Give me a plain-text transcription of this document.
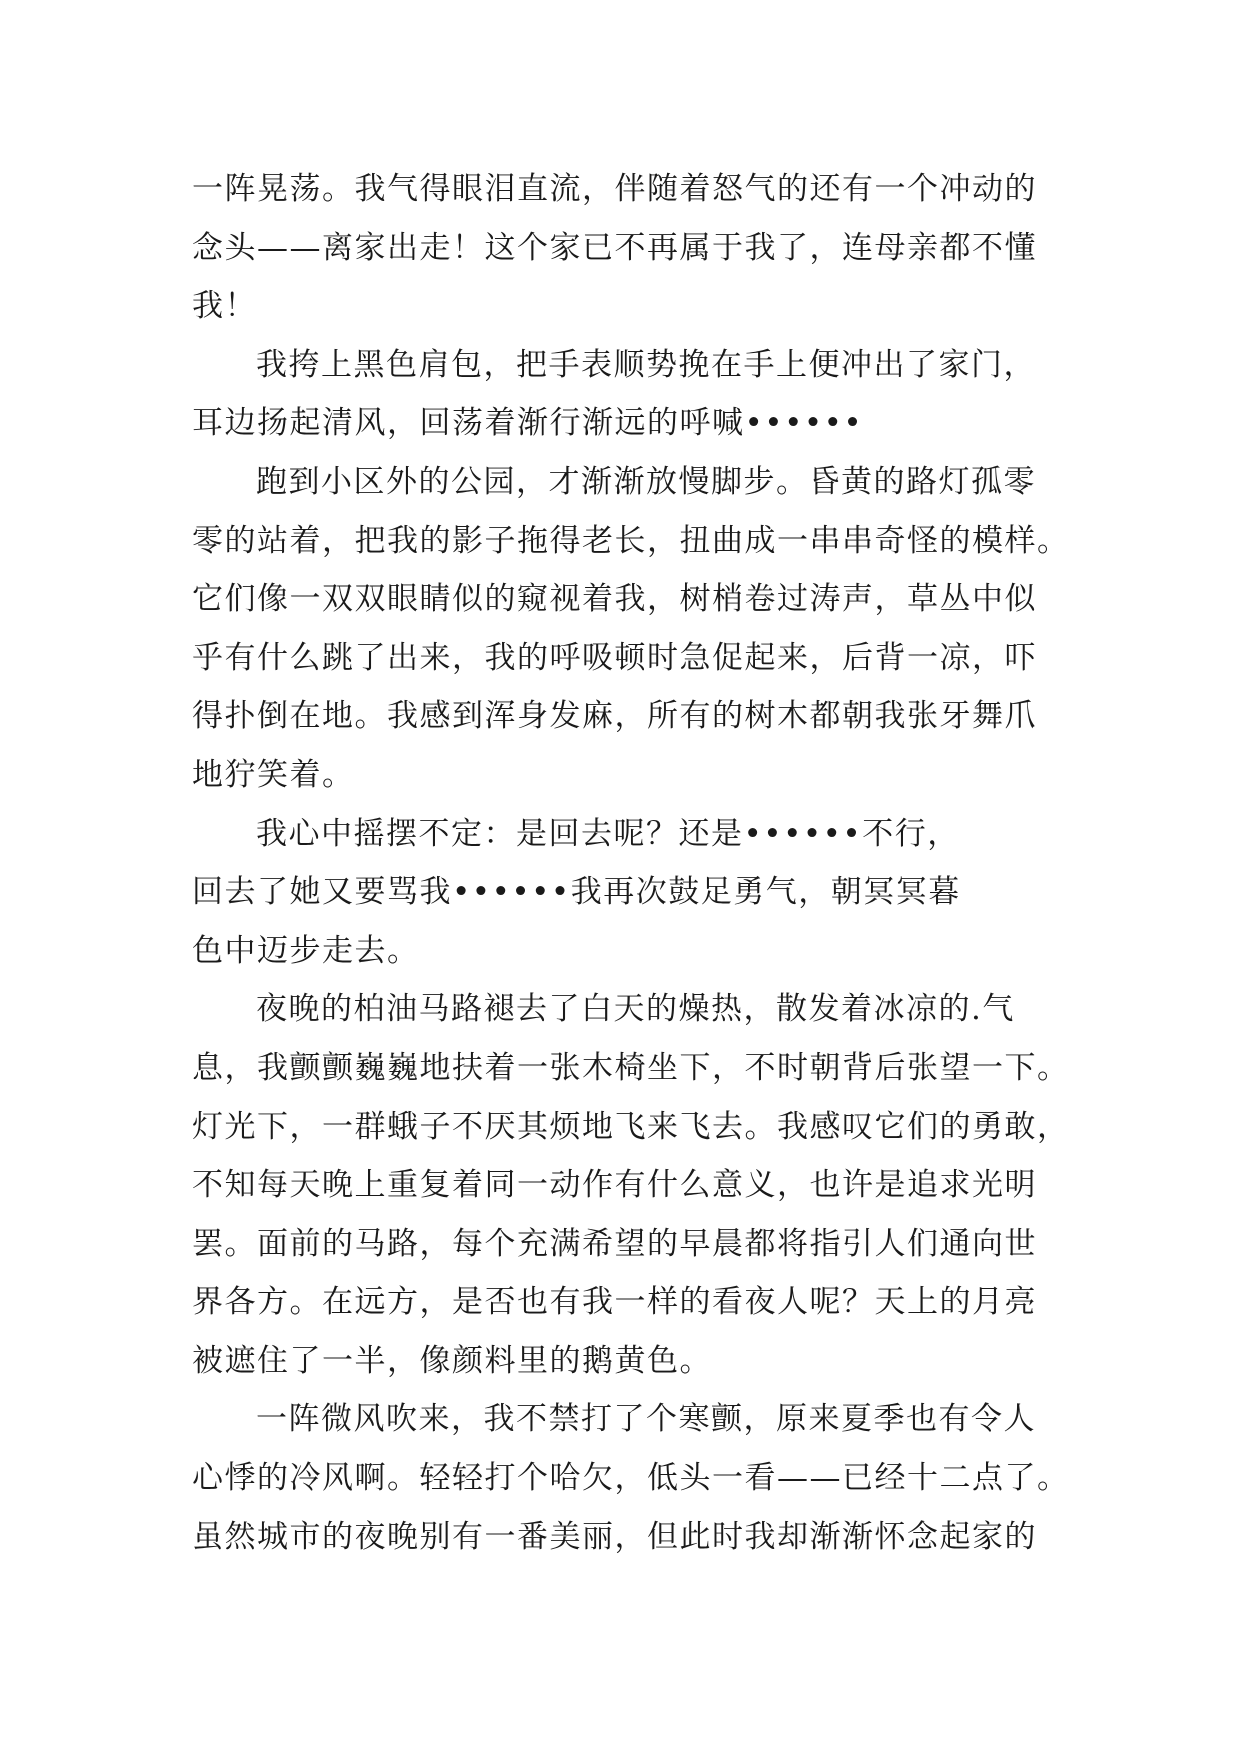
一阵晃荡。我气得眼泪直流，伴随着怒气的还有一个冲动的
念头——离家出走！这个家已不再属于我了，连母亲都不懂
我！
我挎上黑色肩包，把手表顺势挽在手上便冲出了家门，
耳边扬起清风，回荡着渐行渐远的呼喊••••••
跑到小区外的公园，才渐渐放慢脚步。昏黄的路灯孤零
零的站着，把我的影子拖得老长，扭曲成一串串奇怪的模样。
它们像一双双眼睛似的窥视着我，树梢卷过涛声，草丛中似
乎有什么跳了出来，我的呼吸顿时急促起来，后背一凉，吓
得扑倒在地。我感到浑身发麻，所有的树木都朝我张牙舞爪
地狞笑着。
我心中摇摆不定：是回去呢？还是••••••不行，
回去了她又要骂我••••••我再次鼓足勇气，朝冥冥暮
色中迈步走去。
夜晚的柏油马路褪去了白天的燥热，散发着冰凉的.气
息，我颤颤巍巍地扶着一张木椅坐下，不时朝背后张望一下。
灯光下，一群蛾子不厌其烦地飞来飞去。我感叹它们的勇敢，
不知每天晚上重复着同一动作有什么意义，也许是追求光明
罢。面前的马路，每个充满希望的早晨都将指引人们通向世
界各方。在远方，是否也有我一样的看夜人呢？天上的月亮
被遮住了一半，像颜料里的鹅黄色。
一阵微风吹来，我不禁打了个寒颤，原来夏季也有令人
心悸的冷风啊。轻轻打个哈欠，低头一看——已经十二点了。
虽然城市的夜晚别有一番美丽，但此时我却渐渐怀念起家的
